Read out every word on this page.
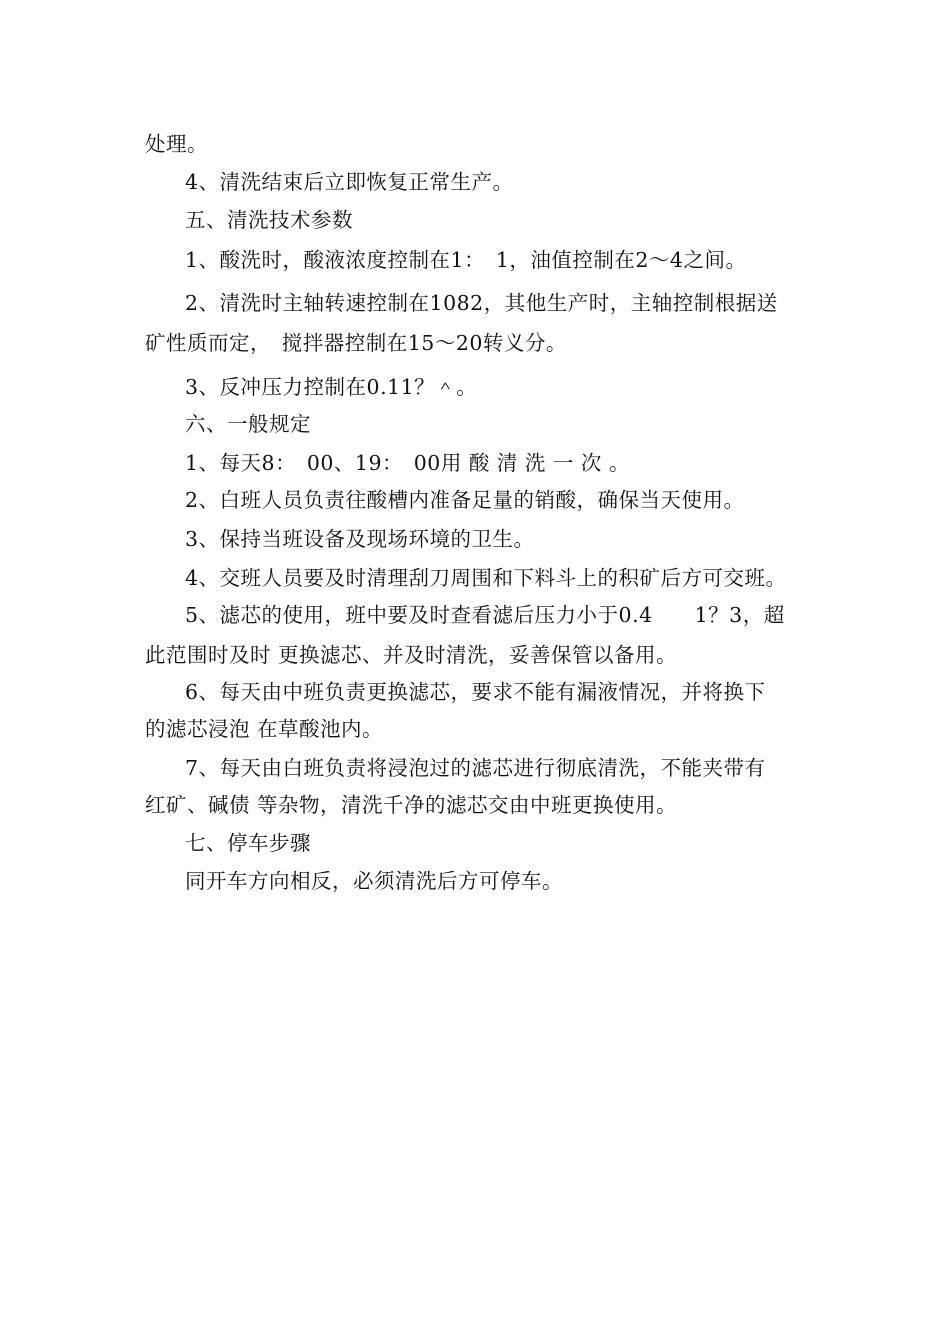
处理。
4、清洗结束后立即恢复正常生产。
五、清洗技术参数
1、酸洗时，酸液浓度控制在1：　1，油值控制在2〜4之间。
2、清洗时主轴转速控制在1082，其他生产时，主轴控制根据送
矿性质而定，　搅拌器控制在15〜20转义分。
3、反冲压力控制在0.11？＾。
六、一般规定
1、每天8：　00、19：　00用 酸 清 洗 一 次 。
2、白班人员负责往酸槽内准备足量的销酸，确保当天使用。
3、保持当班设备及现场环境的卫生。
4、交班人员要及时清理刮刀周围和下料斗上的积矿后方可交班。
5、滤芯的使用，班中要及时查看滤后压力小于0.4　　1？3，超
此范围时及时 更换滤芯、并及时清洗，妥善保管以备用。
6、每天由中班负责更换滤芯，要求不能有漏液情况，并将换下
的滤芯浸泡 在草酸池内。
7、每天由白班负责将浸泡过的滤芯进行彻底清洗，不能夹带有
红矿、碱债 等杂物，清洗千净的滤芯交由中班更换使用。
七、停车步骤
同开车方向相反，必须清洗后方可停车。
